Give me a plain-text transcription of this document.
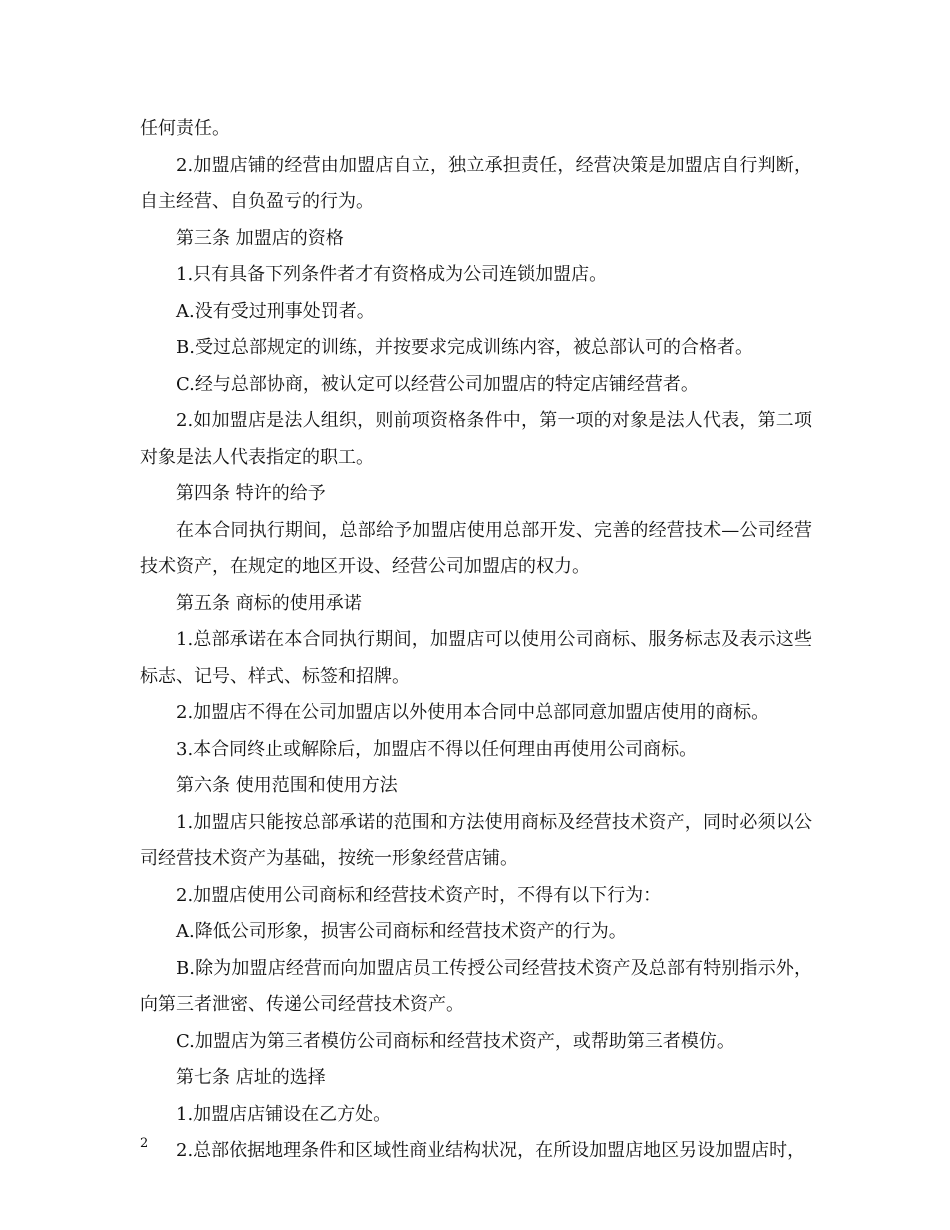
任何责任。

2.加盟店铺的经营由加盟店自立，独立承担责任，经营决策是加盟店自行判断，自主经营、自负盈亏的行为。

第三条 加盟店的资格

1.只有具备下列条件者才有资格成为公司连锁加盟店。

A.没有受过刑事处罚者。

B.受过总部规定的训练，并按要求完成训练内容，被总部认可的合格者。

C.经与总部协商，被认定可以经营公司加盟店的特定店铺经营者。

2.如加盟店是法人组织，则前项资格条件中，第一项的对象是法人代表，第二项对象是法人代表指定的职工。

第四条 特许的给予

在本合同执行期间，总部给予加盟店使用总部开发、完善的经营技术—公司经营技术资产，在规定的地区开设、经营公司加盟店的权力。

第五条 商标的使用承诺

1.总部承诺在本合同执行期间，加盟店可以使用公司商标、服务标志及表示这些标志、记号、样式、标签和招牌。

2.加盟店不得在公司加盟店以外使用本合同中总部同意加盟店使用的商标。

3.本合同终止或解除后，加盟店不得以任何理由再使用公司商标。

第六条 使用范围和使用方法

1.加盟店只能按总部承诺的范围和方法使用商标及经营技术资产，同时必须以公司经营技术资产为基础，按统一形象经营店铺。

2.加盟店使用公司商标和经营技术资产时，不得有以下行为：

A.降低公司形象，损害公司商标和经营技术资产的行为。

B.除为加盟店经营而向加盟店员工传授公司经营技术资产及总部有特别指示外，向第三者泄密、传递公司经营技术资产。

C.加盟店为第三者模仿公司商标和经营技术资产，或帮助第三者模仿。

第七条 店址的选择

1.加盟店店铺设在乙方处。

2.总部依据地理条件和区域性商业结构状况，在所设加盟店地区另设加盟店时，

2
